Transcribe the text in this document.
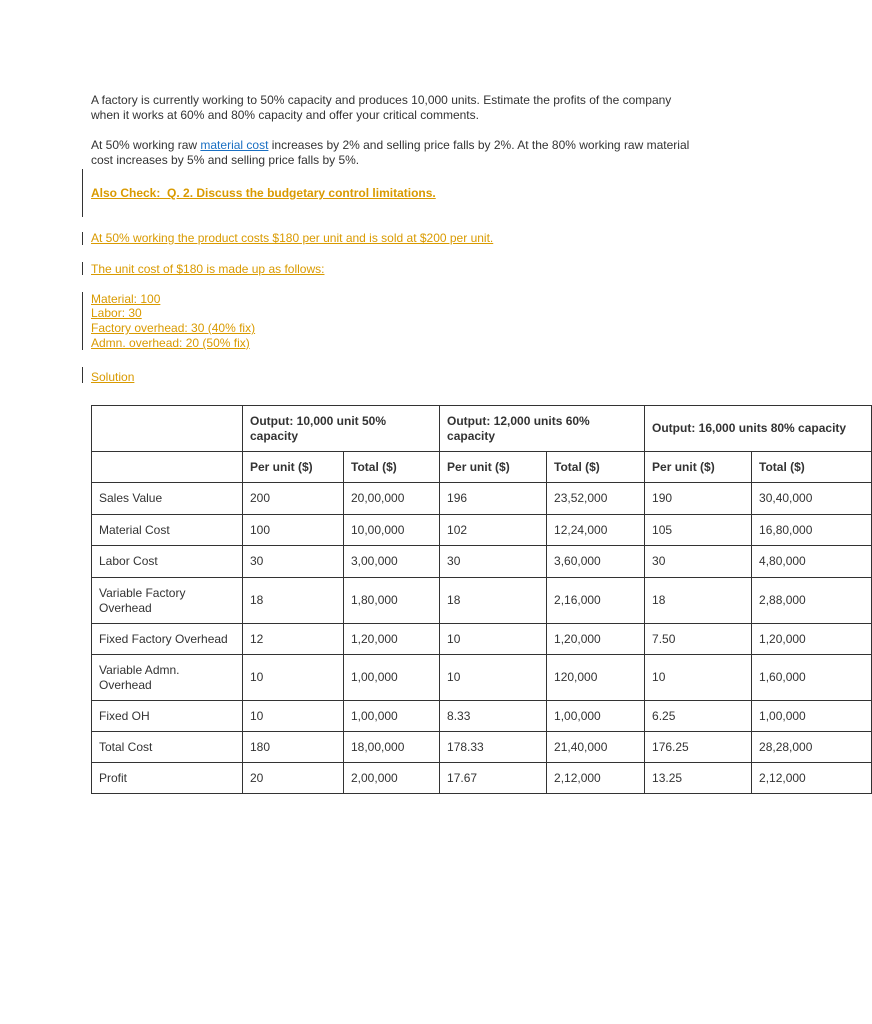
A factory is currently working to 50% capacity and produces 10,000 units. Estimate the profits of the company when it works at 60% and 80% capacity and offer your critical comments.

At 50% working raw material cost increases by 2% and selling price falls by 2%. At the 80% working raw material cost increases by 5% and selling price falls by 5%.

Also Check:  Q. 2. Discuss the budgetary control limitations.

At 50% working the product costs $180 per unit and is sold at $200 per unit.

The unit cost of $180 is made up as follows:

Material: 100

Labor: 30

Factory overhead: 30 (40% fix)

Admn. overhead: 20 (50% fix)

Solution

	Output: 10,000 unit 50% capacity		Output: 12,000 units 60% capacity		Output: 16,000 units 80% capacity	
	Per unit ($)	Total ($)	Per unit ($)	Total ($)	Per unit ($)	Total ($)
Sales Value	200	20,00,000	196	23,52,000	190	30,40,000
Material Cost	100	10,00,000	102	12,24,000	105	16,80,000
Labor Cost	30	3,00,000	30	3,60,000	30	4,80,000
Variable Factory Overhead	18	1,80,000	18	2,16,000	18	2,88,000
Fixed Factory Overhead	12	1,20,000	10	1,20,000	7.50	1,20,000
Variable Admn. Overhead	10	1,00,000	10	120,000	10	1,60,000
Fixed OH	10	1,00,000	8.33	1,00,000	6.25	1,00,000
Total Cost	180	18,00,000	178.33	21,40,000	176.25	28,28,000
Profit	20	2,00,000	17.67	2,12,000	13.25	2,12,000
